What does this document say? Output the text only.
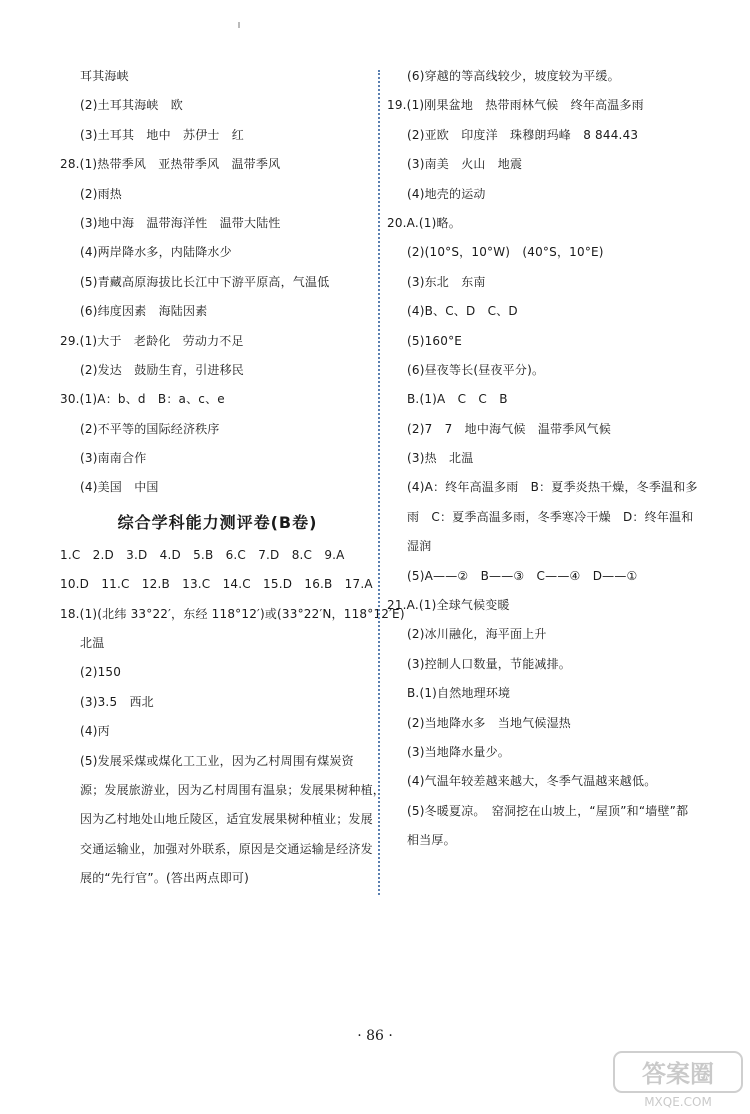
耳其海峡
(2)土耳其海峡　欧
(3)土耳其　地中　苏伊士　红
28.(1)热带季风　亚热带季风　温带季风
(2)雨热
(3)地中海　温带海洋性　温带大陆性
(4)两岸降水多，内陆降水少
(5)青藏高原海拔比长江中下游平原高，气温低
(6)纬度因素　海陆因素
29.(1)大于　老龄化　劳动力不足
(2)发达　鼓励生育，引进移民
30.(1)A：b、d　B：a、c、e
(2)不平等的国际经济秩序
(3)南南合作
(4)美国　中国
综合学科能力测评卷(B卷)
1.C　2.D　3.D　4.D　5.B　6.C　7.D　8.C　9.A
10.D　11.C　12.B　13.C　14.C　15.D　16.B　17.A
18.(1)(北纬 33°22′，东经 118°12′)或(33°22′N，118°12′E)
北温
(2)150
(3)3.5　西北
(4)丙
(5)发展采煤或煤化工工业，因为乙村周围有煤炭资
源；发展旅游业，因为乙村周围有温泉；发展果树种植，
因为乙村地处山地丘陵区，适宜发展果树种植业；发展
交通运输业，加强对外联系，原因是交通运输是经济发
展的“先行官”。(答出两点即可)
(6)穿越的等高线较少，坡度较为平缓。
19.(1)刚果盆地　热带雨林气候　终年高温多雨
(2)亚欧　印度洋　珠穆朗玛峰　8 844.43
(3)南美　火山　地震
(4)地壳的运动
20.A.(1)略。
(2)(10°S，10°W)　(40°S，10°E)
(3)东北　东南
(4)B、C、D　C、D
(5)160°E
(6)昼夜等长(昼夜平分)。
B.(1)A　C　C　B
(2)7　7　地中海气候　温带季风气候
(3)热　北温
(4)A：终年高温多雨　B：夏季炎热干燥，冬季温和多
雨　C：夏季高温多雨，冬季寒冷干燥　D：终年温和
湿润
(5)A——②　B——③　C——④　D——①
21.A.(1)全球气候变暖
(2)冰川融化，海平面上升
(3)控制人口数量，节能减排。
B.(1)自然地理环境
(2)当地降水多　当地气候湿热
(3)当地降水量少。
(4)气温年较差越来越大，冬季气温越来越低。
(5)冬暖夏凉。　窑洞挖在山坡上，“屋顶”和“墙壁”都
相当厚。
· 86 ·
答案圈
MXQE.COM
